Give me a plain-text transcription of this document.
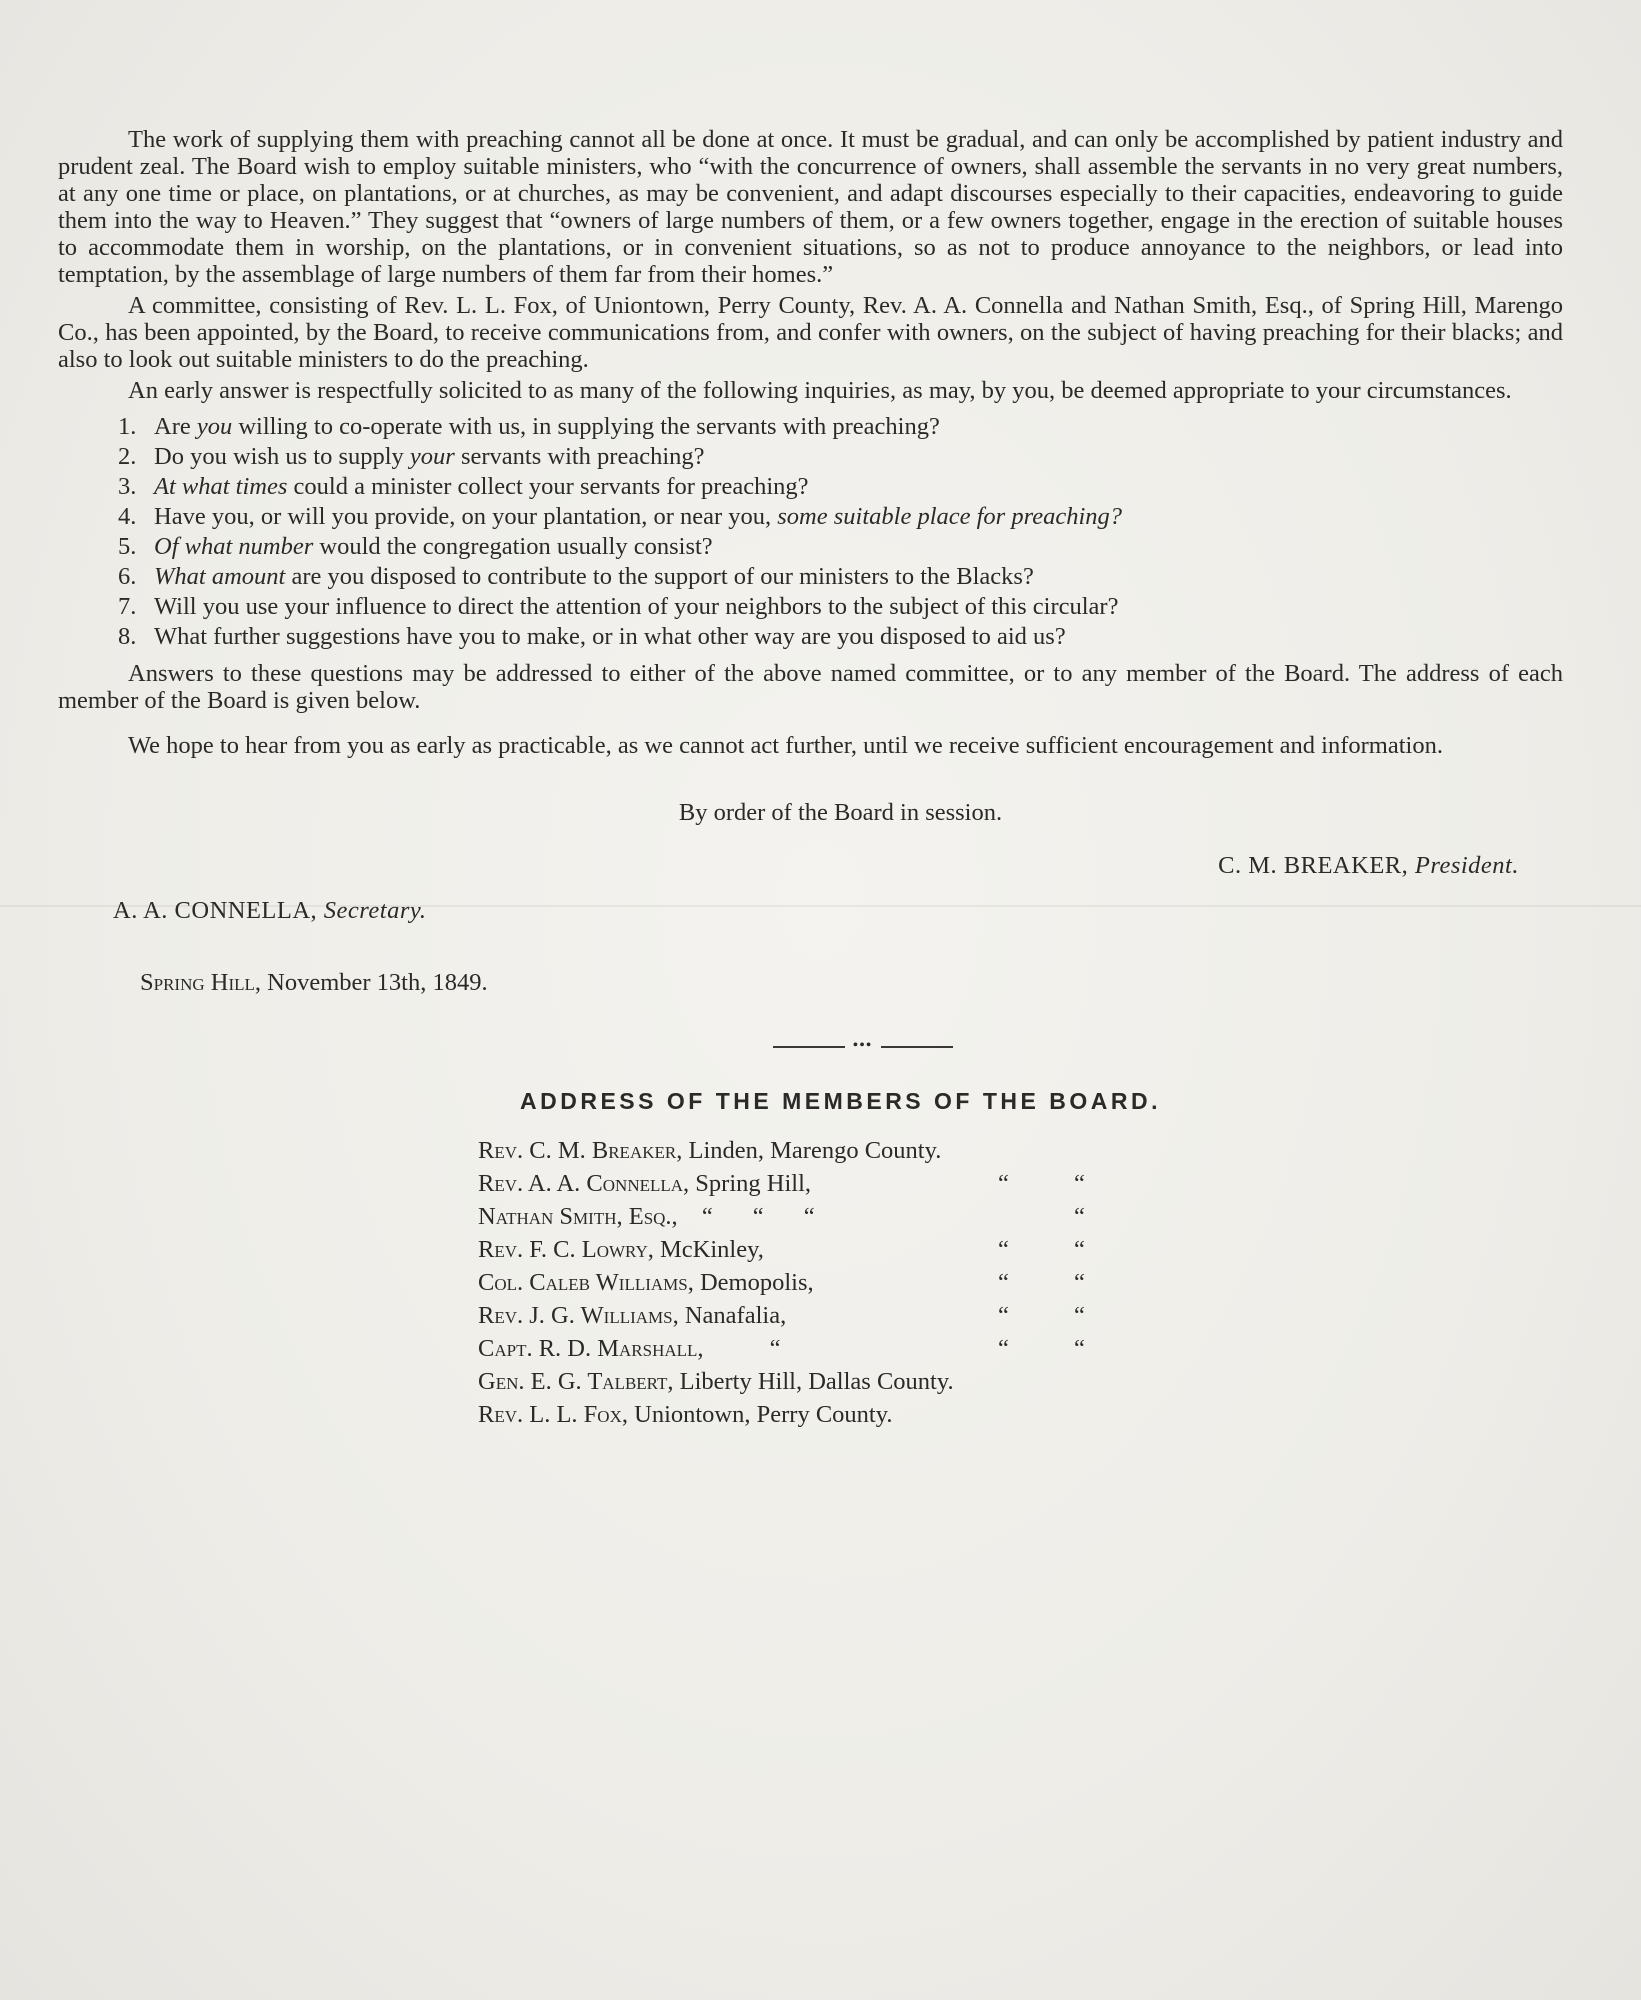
The work of supplying them with preaching cannot all be done at once. It must be gradual, and can only be accomplished by patient industry and prudent zeal. The Board wish to employ suitable ministers, who “with the concurrence of owners, shall assemble the servants in no very great numbers, at any one time or place, on plantations, or at churches, as may be convenient, and adapt discourses especially to their capacities, endeavoring to guide them into the way to Heaven.” They suggest that “owners of large numbers of them, or a few owners together, engage in the erection of suitable houses to accommodate them in worship, on the plantations, or in convenient situations, so as not to produce annoyance to the neighbors, or lead into temptation, by the assemblage of large numbers of them far from their homes.”

A committee, consisting of Rev. L. L. Fox, of Uniontown, Perry County, Rev. A. A. Connella and Nathan Smith, Esq., of Spring Hill, Marengo Co., has been appointed, by the Board, to receive communications from, and confer with owners, on the subject of having preaching for their blacks; and also to look out suitable ministers to do the preaching.

An early answer is respectfully solicited to as many of the following inquiries, as may, by you, be deemed appropriate to your circumstances.

1. Are you willing to co-operate with us, in supplying the servants with preaching?
2. Do you wish us to supply your servants with preaching?
3. At what times could a minister collect your servants for preaching?
4. Have you, or will you provide, on your plantation, or near you, some suitable place for preaching?
5. Of what number would the congregation usually consist?
6. What amount are you disposed to contribute to the support of our ministers to the Blacks?
7. Will you use your influence to direct the attention of your neighbors to the subject of this circular?
8. What further suggestions have you to make, or in what other way are you disposed to aid us?

Answers to these questions may be addressed to either of the above named committee, or to any member of the Board. The address of each member of the Board is given below.

We hope to hear from you as early as practicable, as we cannot act further, until we receive sufficient encouragement and information.

By order of the Board in session.
C. M. BREAKER, President.
A. A. CONNELLA, Secretary.
Spring Hill, November 13th, 1849.
•••
ADDRESS OF THE MEMBERS OF THE BOARD.
Rev. C. M. Breaker, Linden, Marengo County.
Rev. A. A. Connella, Spring Hill,	“	“
Nathan Smith, Esq., “ “ “	“
Rev. F. C. Lowry, McKinley,	“	“
Col. Caleb Williams, Demopolis,	“	“
Rev. J. G. Williams, Nanafalia,	“	“
Capt. R. D. Marshall,	“	“	“
Gen. E. G. Talbert, Liberty Hill, Dallas County.
Rev. L. L. Fox, Uniontown, Perry County.
